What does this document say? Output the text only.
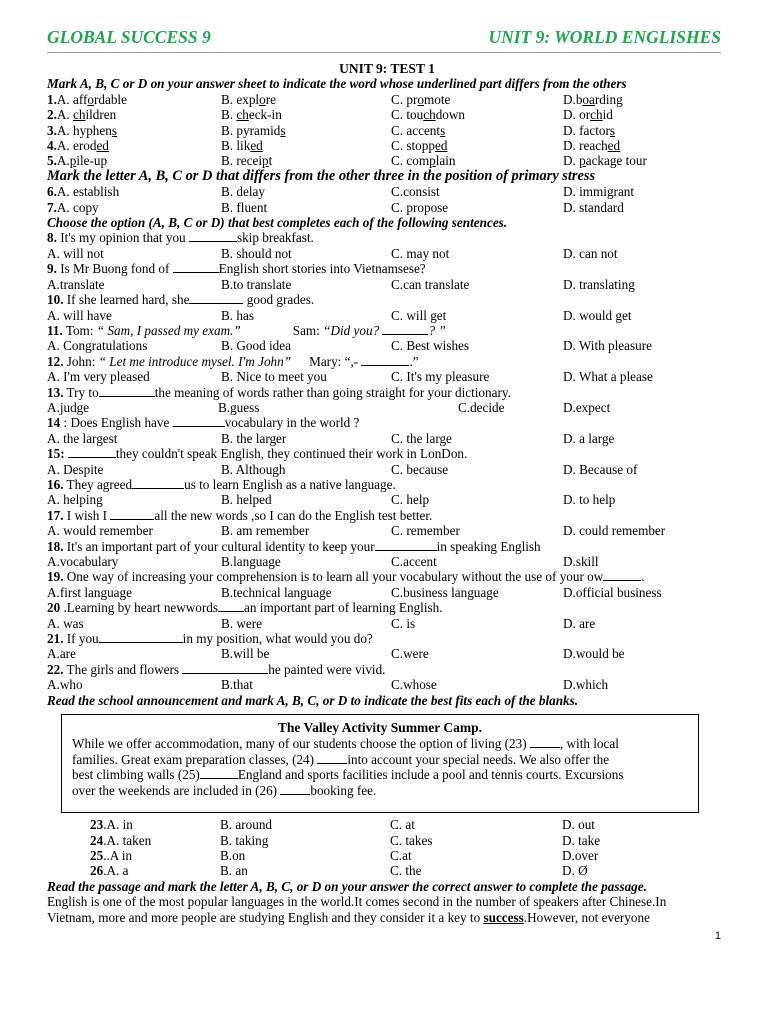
GLOBAL SUCCESS 9	UNIT 9: WORLD ENGLISHES
UNIT 9: TEST 1
Mark A, B, C or D on your answer sheet to indicate the word whose underlined part differs from the others
1.A. affordable	B. explore	C. promote	D.boarding
2.A. children	B. check-in	C. touchdown	D. orchid
3.A. hyphens	B. pyramids	C. accents	D. factors
4.A. eroded	B. liked	C. stopped	D. reached
5.A.pile-up	B. receipt	C. complain	D. package tour
Mark the letter A, B, C or D that differs from the other three in the position of primary stress
6.A. establish	B. delay	C.consist	D. immigrant
7.A. copy	B. fluent	C. propose	D. standard
Choose the option (A, B, C or D) that best completes each of the following sentences.
8. It's my opinion that you	skip breakfast.
A. will not	B. should not	C. may not	D. can not
9. Is Mr Buong fond of	English short stories into Vietnamsese?
A.translate	B.to translate	C.can translate	D. translating
10. If she learned hard, she	good grades.
A. will have	B. has	C. will get	D. would get
11. Tom: “ Sam, I passed my exam.”	Sam: “Did you?	? ”
A. Congratulations	B. Good idea	C. Best wishes	D. With pleasure
12. John: “ Let me introduce mysel. I'm John” Mary: “,-	.”
A. I'm very pleased	B. Nice to meet you	C. It's my pleasure	D. What a please
13. Try to	the meaning of words rather than going straight for your dictionary.
A.judge	B.guess	C.decide	D.expect
14 : Does English have	vocabulary in the world ?
A. the largest	B. the larger	C. the large	D. a large
15:	they couldn't speak English, they continued their work in LonDon.
A. Despite	B. Although	C. because	D. Because of
16. They agreed	us to learn English as a native language.
A. helping	B. helped	C. help	D. to help
17. I wish I	all the new words ,so I can do the English test better.
A. would remember	B. am remember	C. remember	D. could remember
18. It's an important part of your cultural identity to keep your	in speaking English
A.vocabulary	B.language	C.accent	D.skill
19. One way of increasing your comprehension is to learn all your vocabulary without the use of your ow	.
A.first language	B.technical language	C.business language	D.official business
20 .Learning by heart newwords an important part of learning English.
A. was	B. were	C. is	D. are
21. If you	in my position, what would you do?
A.are	B.will be	C.were	D.would be
22. The girls and flowers	he painted were vivid.
A.who	B.that	C.whose	D.which
Read the school announcement and mark A, B, C, or D to indicate the best fits each of the blanks.
The Valley Activity Summer Camp.
While we offer accommodation, many of our students choose the option of living (23) , with local
families. Great exam preparation classes, (24) into account your special needs. We also offer the
best climbing walls (25)	England and sports facilities include a pool and tennis courts. Excursions
over the weekends are included in (26) booking fee.
23.A. in	B. around	C. at	D. out
24.A. taken	B. taking	C. takes	D. take
25..A in	B.on	C.at	D.over
26.A. a	B. an	C. the	D. Ø
Read the passage and mark the letter A, B, C, or D on your answer the correct answer to complete the passage.
English is one of the most popular languages in the world.It comes second in the number of speakers after Chinese.In
Vietnam, more and more people are studying English and they consider it a key to success.However, not everyone
1
